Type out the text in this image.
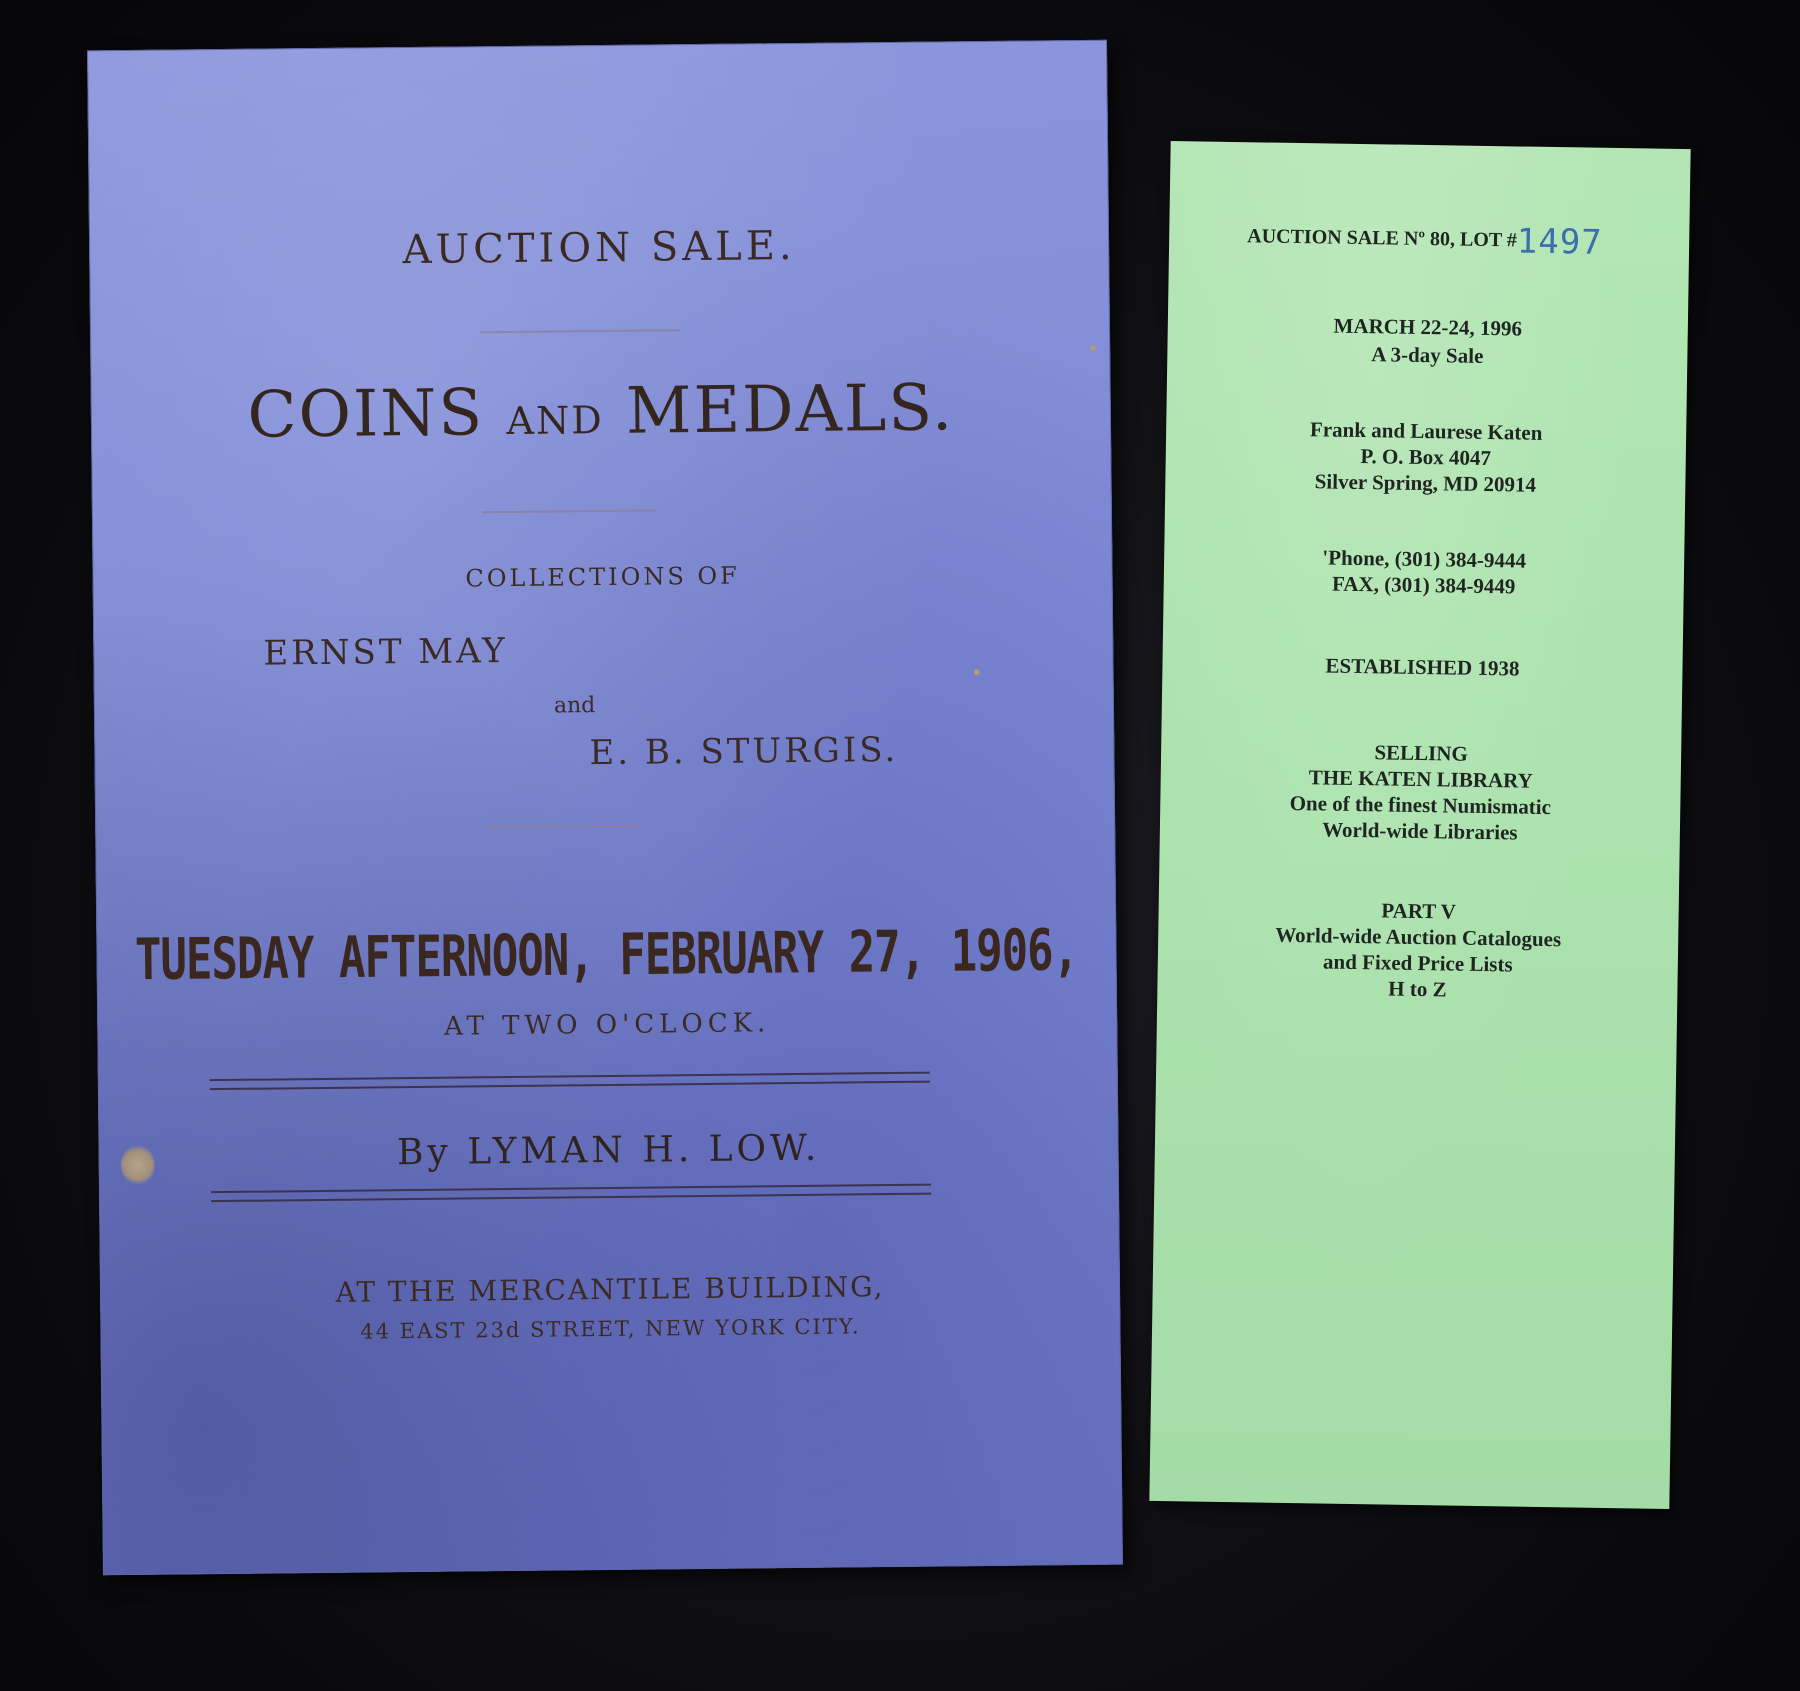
AUCTION SALE.
COINS AND MEDALS.
COLLECTIONS OF
ERNST MAY
and
E. B. STURGIS.
TUESDAY AFTERNOON, FEBRUARY 27, 1906,
AT TWO O'CLOCK.
By LYMAN H. LOW.
AT THE MERCANTILE BUILDING,
44 EAST 23d STREET, NEW YORK CITY.
AUCTION SALE Nº 80, LOT #1497
MARCH 22-24, 1996
A 3-day Sale
Frank and Laurese Katen
P. O. Box 4047
Silver Spring, MD 20914
'Phone, (301) 384-9444
FAX, (301) 384-9449
ESTABLISHED 1938
SELLING
THE KATEN LIBRARY
One of the finest Numismatic
World-wide Libraries
PART V
World-wide Auction Catalogues
and Fixed Price Lists
H to Z
